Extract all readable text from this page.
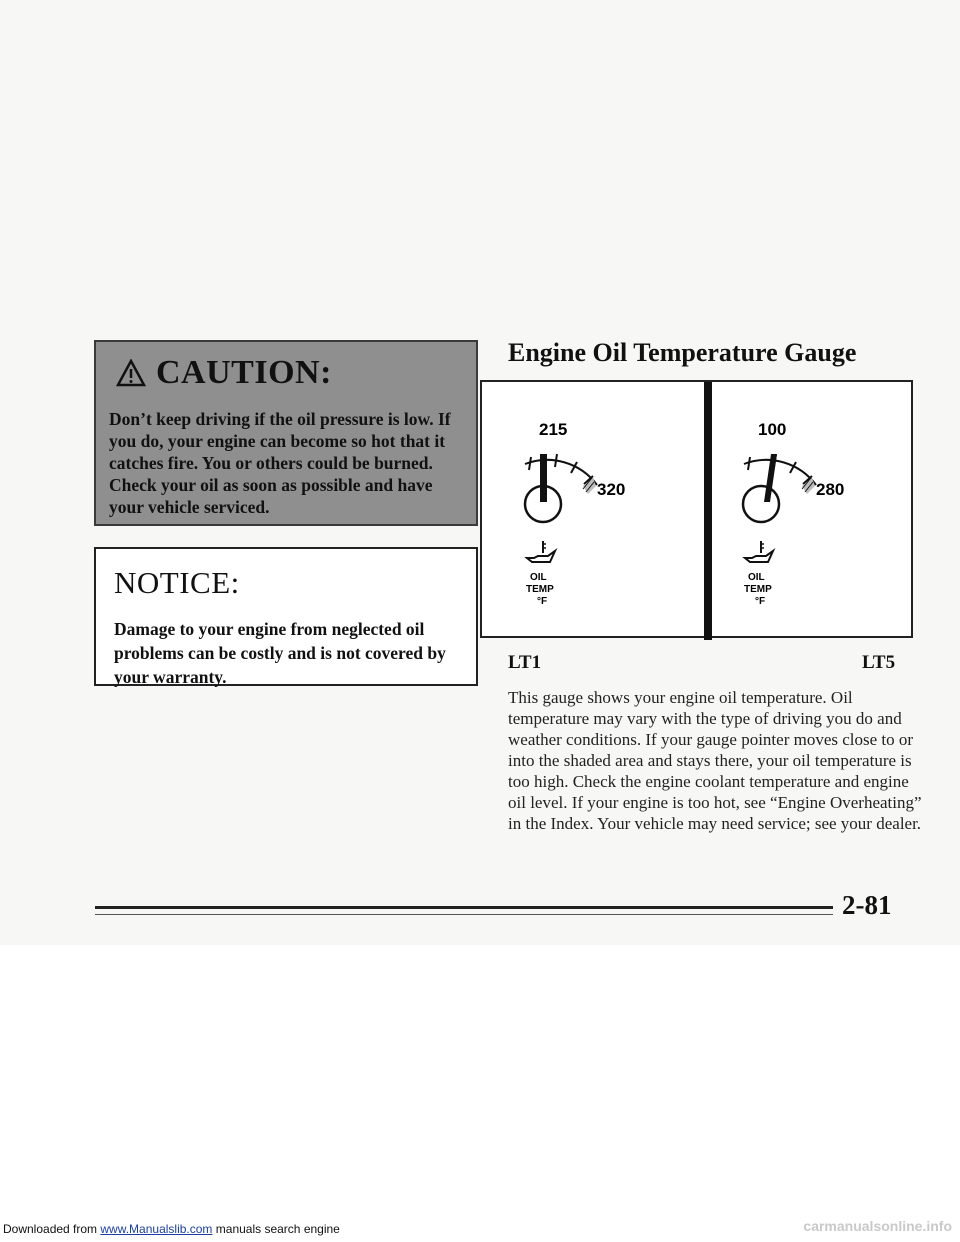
CAUTION:
Don’t keep driving if the oil pressure is low. If you do, your engine can become so hot that it catches fire. You or others could be burned. Check your oil as soon as possible and have your vehicle serviced.
NOTICE:
Damage to your engine from neglected oil problems can be costly and is not covered by your warranty.
Engine Oil Temperature Gauge
215
320
OIL
TEMP
°F
100
280
OIL
TEMP
°F
LT1	LT5
This gauge shows your engine oil temperature. Oil temperature may vary with the type of driving you do and weather conditions. If your gauge pointer moves close to or into the shaded area and stays there, your oil temperature is too high. Check the engine coolant temperature and engine oil level. If your engine is too hot, see “Engine Overheating” in the Index. Your vehicle may need service; see your dealer.
2-81
Downloaded from www.Manualslib.com manuals search engine	carmanualsonline.info
